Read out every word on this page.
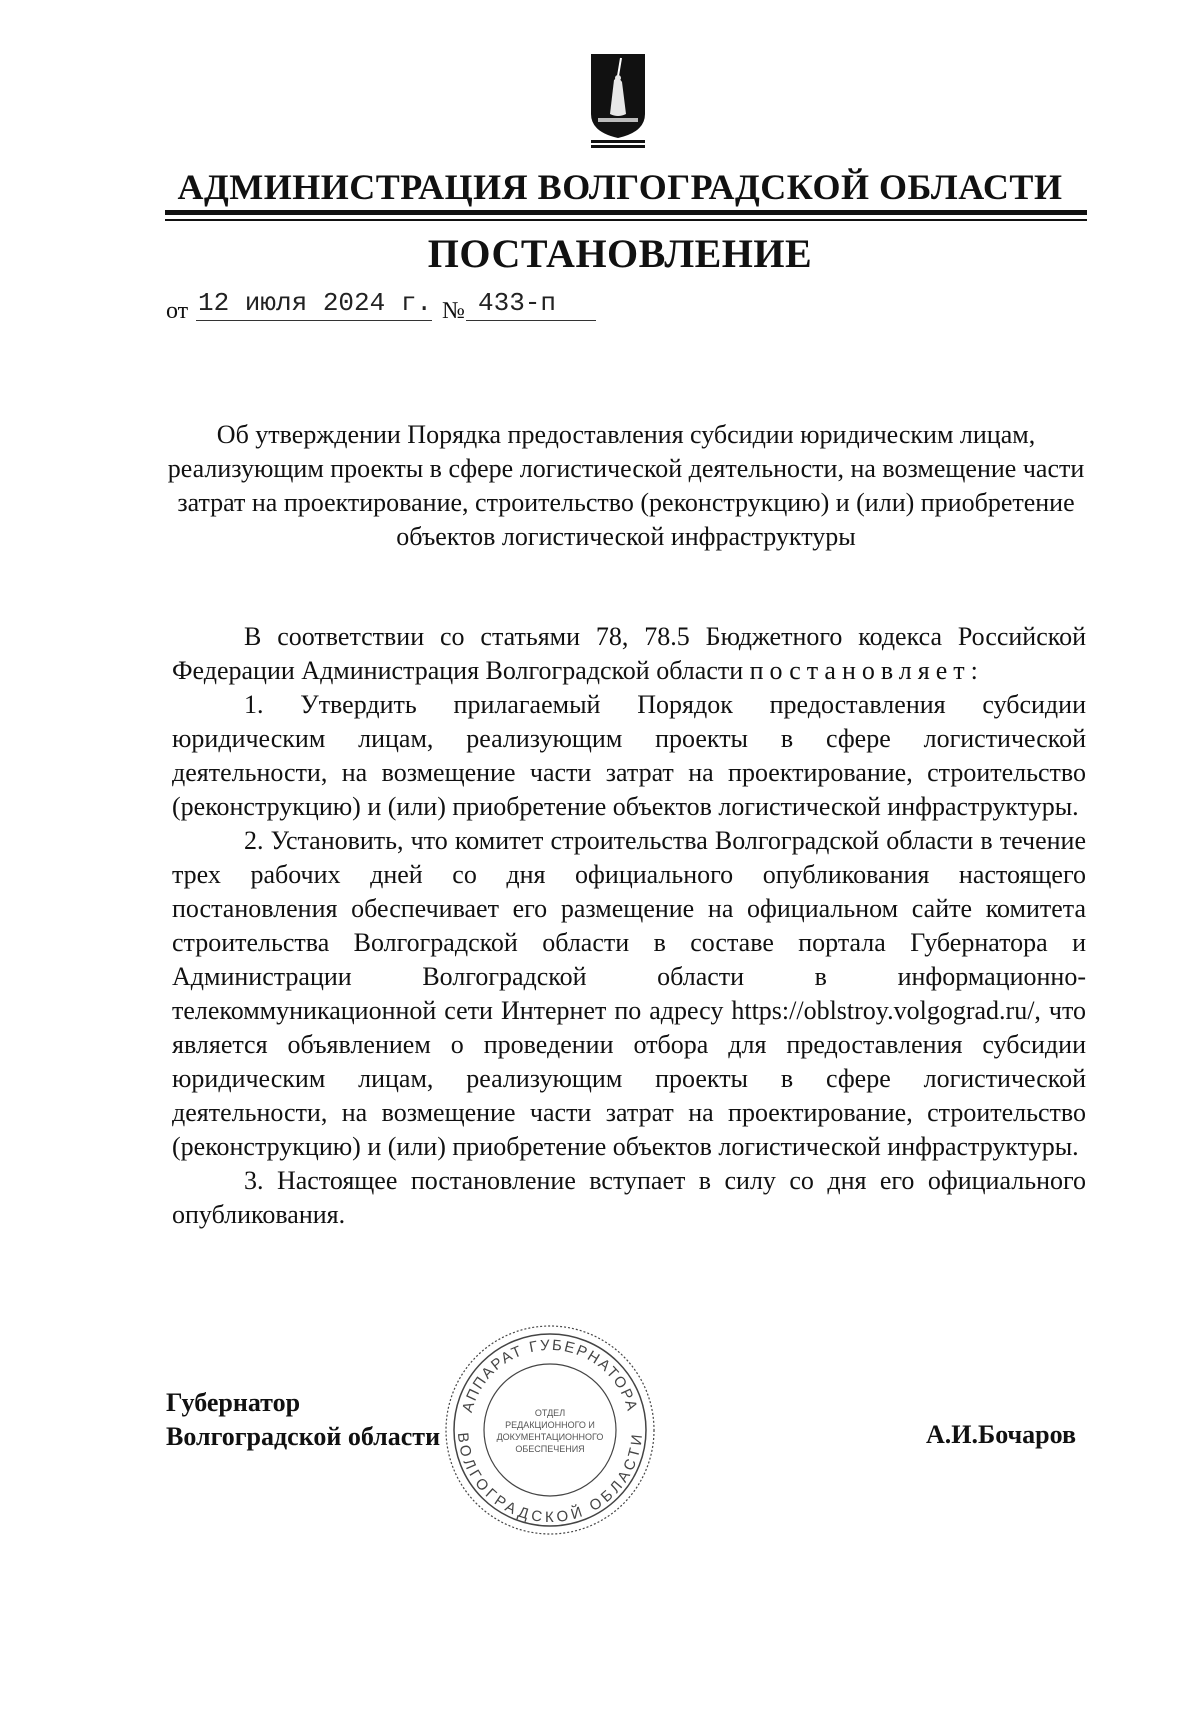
АДМИНИСТРАЦИЯ ВОЛГОГРАДСКОЙ ОБЛАСТИ
ПОСТАНОВЛЕНИЕ
от 12 июля 2024 г. № 433-п
Об утверждении Порядка предоставления субсидии юридическим лицам, реализующим проекты в сфере логистической деятельности, на возмещение части затрат на проектирование, строительство (реконструкцию) и (или) приобретение объектов логистической инфраструктуры

В соответствии со статьями 78, 78.5 Бюджетного кодекса Российской Федерации Администрация Волгоградской области постановляет:

1. Утвердить прилагаемый Порядок предоставления субсидии юридическим лицам, реализующим проекты в сфере логистической деятельности, на возмещение части затрат на проектирование, строительство (реконструкцию) и (или) приобретение объектов логистической инфраструктуры.

2. Установить, что комитет строительства Волгоградской области в течение трех рабочих дней со дня официального опубликования настоящего постановления обеспечивает его размещение на официальном сайте комитета строительства Волгоградской области в составе портала Губернатора и Администрации Волгоградской области в информационно-телекоммуникационной сети Интернет по адресу https://oblstroy.volgograd.ru/, что является объявлением о проведении отбора для предоставления субсидии юридическим лицам, реализующим проекты в сфере логистической деятельности, на возмещение части затрат на проектирование, строительство (реконструкцию) и (или) приобретение объектов логистической инфраструктуры.

3. Настоящее постановление вступает в силу со дня его официального опубликования.

Губернатор
Волгоградской области
АППАРАТ ГУБЕРНАТОРА
ВОЛГОГРАДСКОЙ ОБЛАСТИ
ОТДЕЛ
РЕДАКЦИОННОГО И
ДОКУМЕНТАЦИОННОГО
ОБЕСПЕЧЕНИЯ	А.И.Бочаров
